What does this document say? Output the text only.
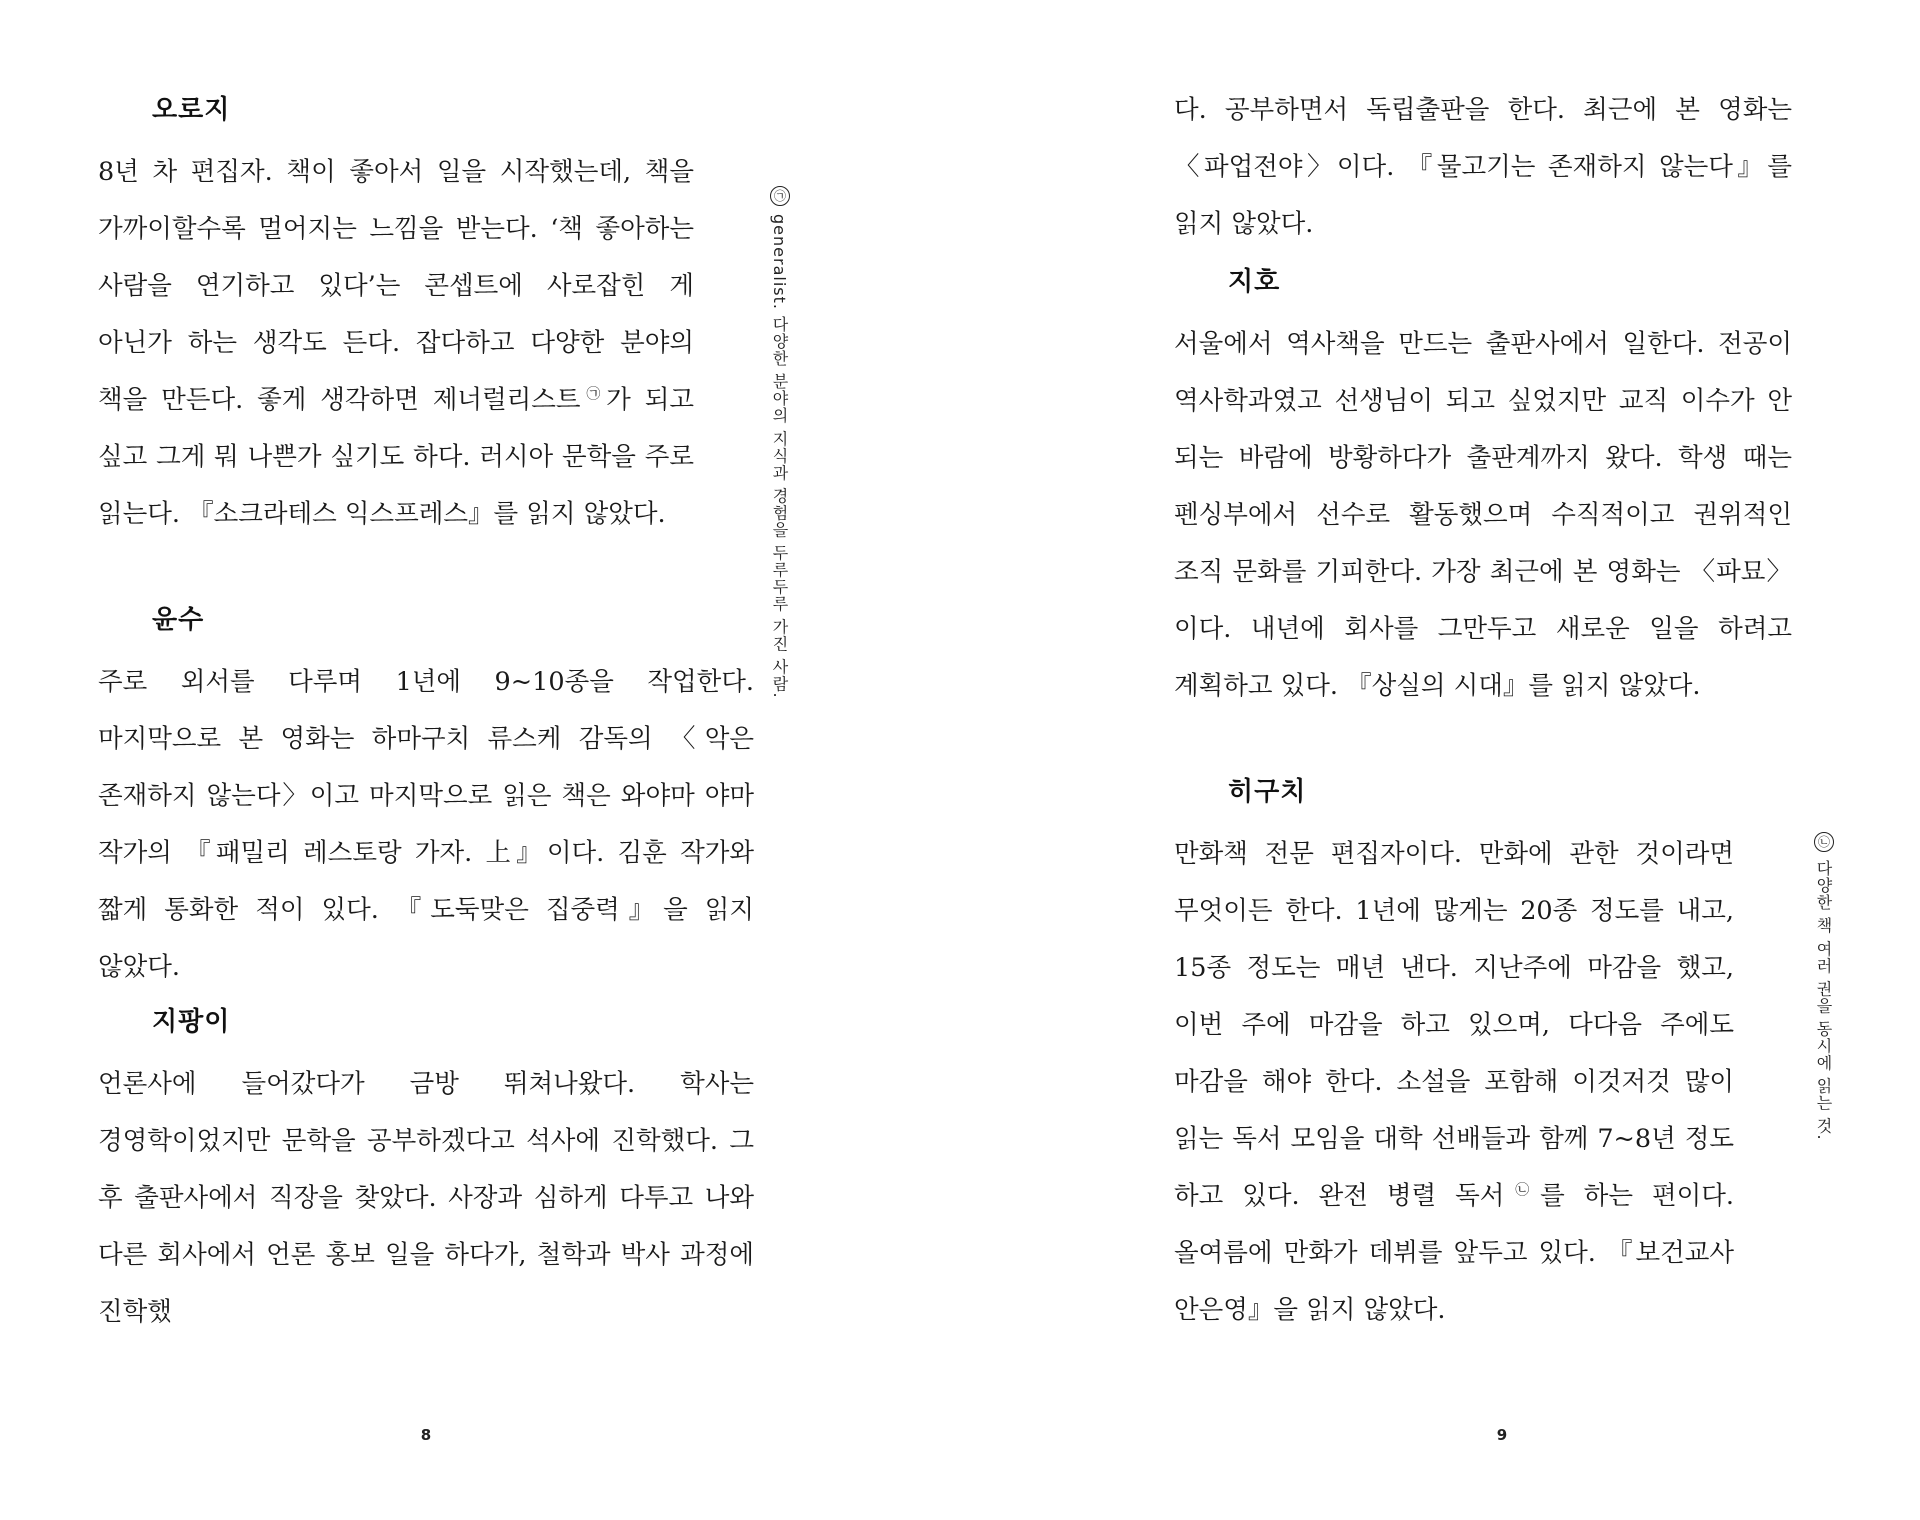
오로지

8년 차 편집자. 책이 좋아서 일을 시작했는데, 책을 가까이할수록 멀어지는 느낌을 받는다. ‘책 좋아하는 사람을 연기하고 있다’는 콘셉트에 사로잡힌 게 아닌가 하는 생각도 든다. 잡다하고 다양한 분야의 책을 만든다. 좋게 생각하면 제너럴리스트㉠가 되고 싶고 그게 뭐 나쁜가 싶기도 하다. 러시아 문학을 주로 읽는다. 『소크라테스 익스프레스』를 읽지 않았다.

㉠
generalist. 다양한 분야의 지식과 경험을 두루두루 가진 사람.
윤수

주로 외서를 다루며 1년에 9~10종을 작업한다. 마지막으로 본 영화는 하마구치 류스케 감독의 〈악은 존재하지 않는다〉이고 마지막으로 읽은 책은 와야마 야마 작가의 『패밀리 레스토랑 가자. 上』이다. 김훈 작가와 짧게 통화한 적이 있다. 『도둑맞은 집중력』을 읽지 않았다.

지팡이

언론사에 들어갔다가 금방 뛰쳐나왔다. 학사는 경영학이었지만 문학을 공부하겠다고 석사에 진학했다. 그 후 출판사에서 직장을 찾았다. 사장과 심하게 다투고 나와 다른 회사에서 언론 홍보 일을 하다가, 철학과 박사 과정에 진학했

8

다. 공부하면서 독립출판을 한다. 최근에 본 영화는 〈파업전야〉이다. 『물고기는 존재하지 않는다』를 읽지 않았다.

지호

서울에서 역사책을 만드는 출판사에서 일한다. 전공이 역사학과였고 선생님이 되고 싶었지만 교직 이수가 안 되는 바람에 방황하다가 출판계까지 왔다. 학생 때는 펜싱부에서 선수로 활동했으며 수직적이고 권위적인 조직 문화를 기피한다. 가장 최근에 본 영화는 〈파묘〉이다. 내년에 회사를 그만두고 새로운 일을 하려고 계획하고 있다. 『상실의 시대』를 읽지 않았다.

히구치

만화책 전문 편집자이다. 만화에 관한 것이라면 무엇이든 한다. 1년에 많게는 20종 정도를 내고, 15종 정도는 매년 낸다. 지난주에 마감을 했고, 이번 주에 마감을 하고 있으며, 다다음 주에도 마감을 해야 한다. 소설을 포함해 이것저것 많이 읽는 독서 모임을 대학 선배들과 함께 7~8년 정도 하고 있다. 완전 병렬 독서㉡를 하는 편이다. 올여름에 만화가 데뷔를 앞두고 있다. 『보건교사 안은영』을 읽지 않았다.

㉡
다양한 책 여러 권을 동시에 읽는 것.
9
